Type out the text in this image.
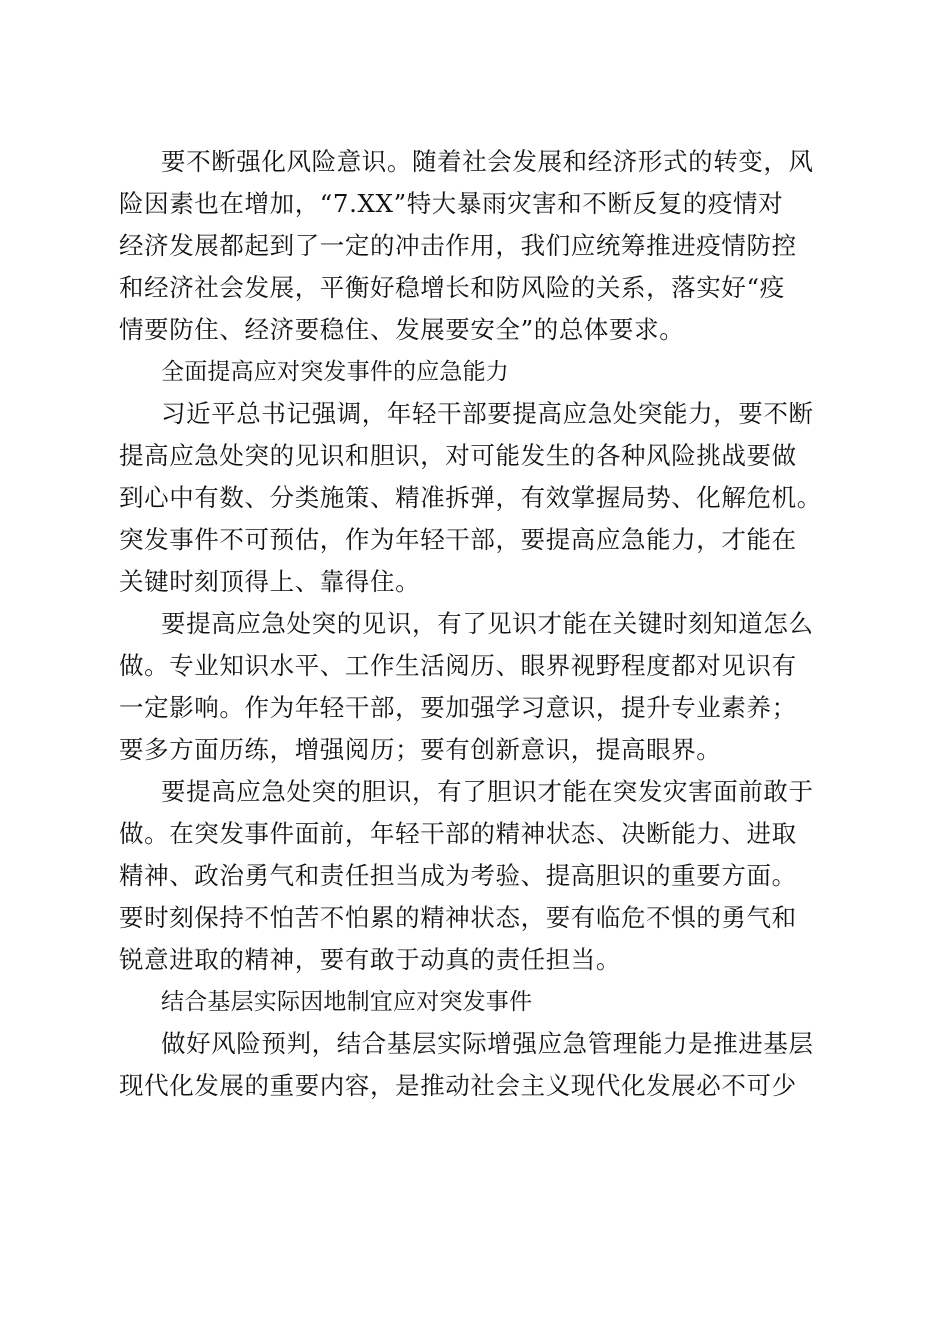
要不断强化风险意识。随着社会发展和经济形式的转变，风
险因素也在增加，“7.XX”特大暴雨灾害和不断反复的疫情对
经济发展都起到了一定的冲击作用，我们应统筹推进疫情防控
和经济社会发展，平衡好稳增长和防风险的关系，落实好“疫
情要防住、经济要稳住、发展要安全”的总体要求。
全面提高应对突发事件的应急能力
习近平总书记强调，年轻干部要提高应急处突能力，要不断
提高应急处突的见识和胆识，对可能发生的各种风险挑战要做
到心中有数、分类施策、精准拆弹，有效掌握局势、化解危机。
突发事件不可预估，作为年轻干部，要提高应急能力，才能在
关键时刻顶得上、靠得住。
要提高应急处突的见识，有了见识才能在关键时刻知道怎么
做。专业知识水平、工作生活阅历、眼界视野程度都对见识有
一定影响。作为年轻干部，要加强学习意识，提升专业素养；
要多方面历练，增强阅历；要有创新意识，提高眼界。
要提高应急处突的胆识，有了胆识才能在突发灾害面前敢于
做。在突发事件面前，年轻干部的精神状态、决断能力、进取
精神、政治勇气和责任担当成为考验、提高胆识的重要方面。
要时刻保持不怕苦不怕累的精神状态，要有临危不惧的勇气和
锐意进取的精神，要有敢于动真的责任担当。
结合基层实际因地制宜应对突发事件
做好风险预判，结合基层实际增强应急管理能力是推进基层
现代化发展的重要内容，是推动社会主义现代化发展必不可少
